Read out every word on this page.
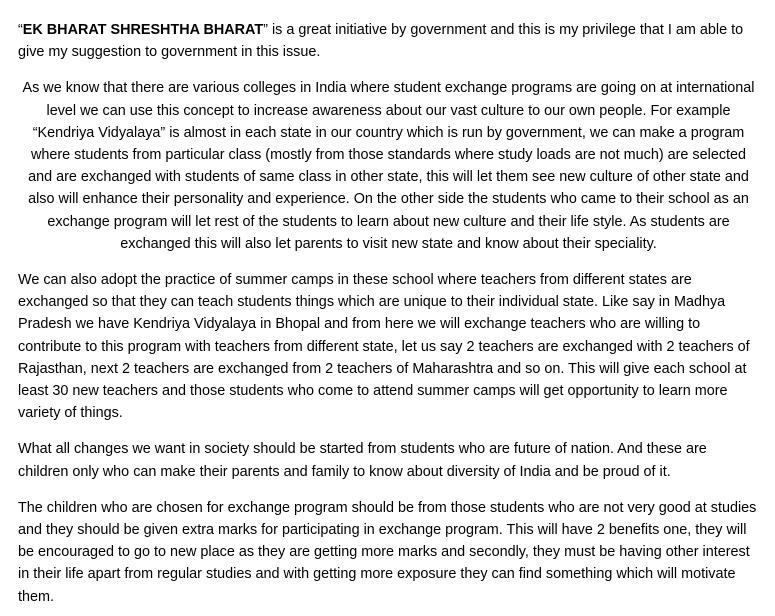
“EK BHARAT SHRESHTHA BHARAT” is a great initiative by government and this is my privilege that I am able to give my suggestion to government in this issue.

As we know that there are various colleges in India where student exchange programs are going on at international level we can use this concept to increase awareness about our vast culture to our own people. For example “Kendriya Vidyalaya” is almost in each state in our country which is run by government, we can make a program where students from particular class (mostly from those standards where study loads are not much) are selected and are exchanged with students of same class in other state, this will let them see new culture of other state and also will enhance their personality and experience. On the other side the students who came to their school as an exchange program will let rest of the students to learn about new culture and their life style. As students are exchanged this will also let parents to visit new state and know about their speciality.

We can also adopt the practice of summer camps in these school where teachers from different states are exchanged so that they can teach students things which are unique to their individual state. Like say in Madhya Pradesh we have Kendriya Vidyalaya in Bhopal and from here we will exchange teachers who are willing to contribute to this program with teachers from different state, let us say 2 teachers are exchanged with 2 teachers of Rajasthan, next 2 teachers are exchanged from 2 teachers of Maharashtra and so on. This will give each school at least 30 new teachers and those students who come to attend summer camps will get opportunity to learn more variety of things.

What all changes we want in society should be started from students who are future of nation. And these are children only who can make their parents and family to know about diversity of India and be proud of it.

The children who are chosen for exchange program should be from those students who are not very good at studies and they should be given extra marks for participating in exchange program. This will have 2 benefits one, they will be encouraged to go to new place as they are getting more marks and secondly, they must be having other interest in their life apart from regular studies and with getting more exposure they can find something which will motivate them.
